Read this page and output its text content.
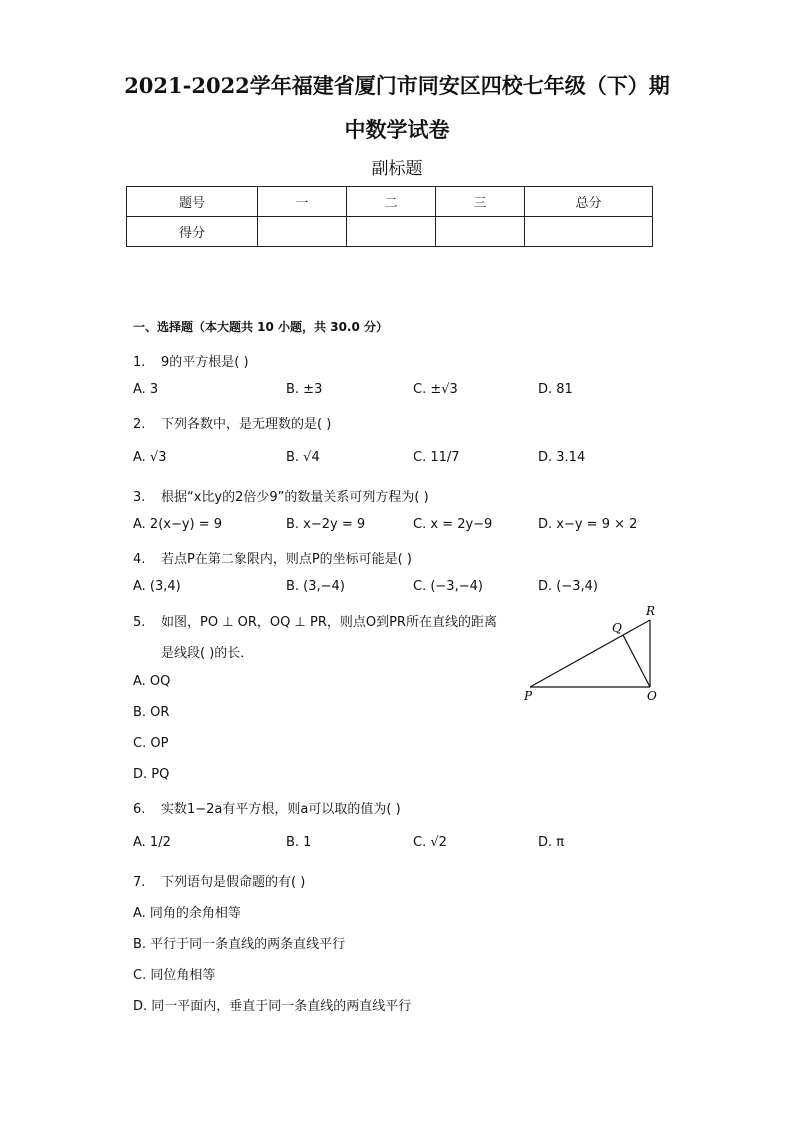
2021-2022学年福建省厦门市同安区四校七年级（下）期
中数学试卷
副标题
题号	一	二	三	总分
得分				
一、选择题（本大题共 10 小题，共 30.0 分）
1. 9的平方根是( )
A. 3	B. ±3	C. ±√3	D. 81
2. 下列各数中，是无理数的是( )
A. √3	B. √4	C. 11/7	D. 3.14
3. 根据“x比y的2倍少9”的数量关系可列方程为( )
A. 2(x−y) = 9	B. x−2y = 9	C. x = 2y−9	D. x−y = 9 × 2
4. 若点P在第二象限内，则点P的坐标可能是( )
A. (3,4)	B. (3,−4)	C. (−3,−4)	D. (−3,4)
5. 如图，PO ⊥ OR，OQ ⊥ PR，则点O到PR所在直线的距离
是线段( )的长．
A. OQ
B. OR
C. OP
D. PQ
P	O
Q
R
6. 实数1−2a有平方根，则a可以取的值为( )
A. 1/2	B. 1	C. √2	D. π
7. 下列语句是假命题的有( )
A. 同角的余角相等
B. 平行于同一条直线的两条直线平行
C. 同位角相等
D. 同一平面内，垂直于同一条直线的两直线平行
